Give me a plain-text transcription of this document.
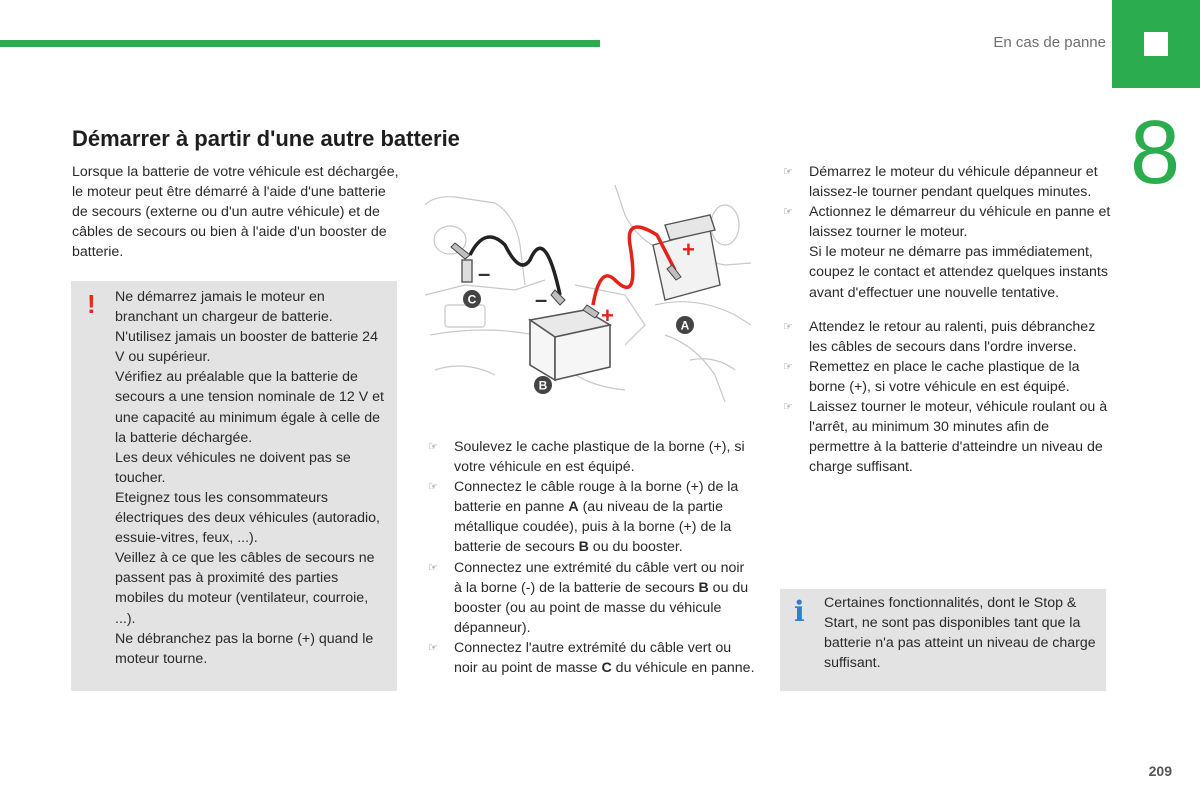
En cas de panne
8
Démarrer à partir d'une autre batterie

Lorsque la batterie de votre véhicule est déchargée, le moteur peut être démarré à l'aide d'une batterie de secours (externe ou d'un autre véhicule) et de câbles de secours ou bien à l'aide d'un booster de batterie.

! Ne démarrez jamais le moteur en branchant un chargeur de batterie.

N'utilisez jamais un booster de batterie 24 V ou supérieur.

Vérifiez au préalable que la batterie de secours a une tension nominale de 12 V et une capacité au minimum égale à celle de la batterie déchargée.

Les deux véhicules ne doivent pas se toucher.

Eteignez tous les consommateurs électriques des deux véhicules (autoradio, essuie-vitres, feux, ...).

Veillez à ce que les câbles de secours ne passent pas à proximité des parties mobiles du moteur (ventilateur, courroie, ...).

Ne débranchez pas la borne (+) quand le moteur tourne.

–
–
+
+
A
B
C
☞ Soulevez le cache plastique de la borne (+), si votre véhicule en est équipé.
☞ Connectez le câble rouge à la borne (+) de la batterie en panne A (au niveau de la partie métallique coudée), puis à la borne (+) de la batterie de secours B ou du booster.
☞ Connectez une extrémité du câble vert ou noir à la borne (-) de la batterie de secours B ou du booster (ou au point de masse du véhicule dépanneur).
☞ Connectez l'autre extrémité du câble vert ou noir au point de masse C du véhicule en panne.
☞ Démarrez le moteur du véhicule dépanneur et laissez-le tourner pendant quelques minutes.
☞ Actionnez le démarreur du véhicule en panne et laissez tourner le moteur.
Si le moteur ne démarre pas immédiatement, coupez le contact et attendez quelques instants avant d'effectuer une nouvelle tentative.
☞ Attendez le retour au ralenti, puis débranchez les câbles de secours dans l'ordre inverse.
☞ Remettez en place le cache plastique de la borne (+), si votre véhicule en est équipé.
☞ Laissez tourner le moteur, véhicule roulant ou à l'arrêt, au minimum 30 minutes afin de permettre à la batterie d'atteindre un niveau de charge suffisant.
i Certaines fonctionnalités, dont le Stop & Start, ne sont pas disponibles tant que la batterie n'a pas atteint un niveau de charge suffisant.
209
